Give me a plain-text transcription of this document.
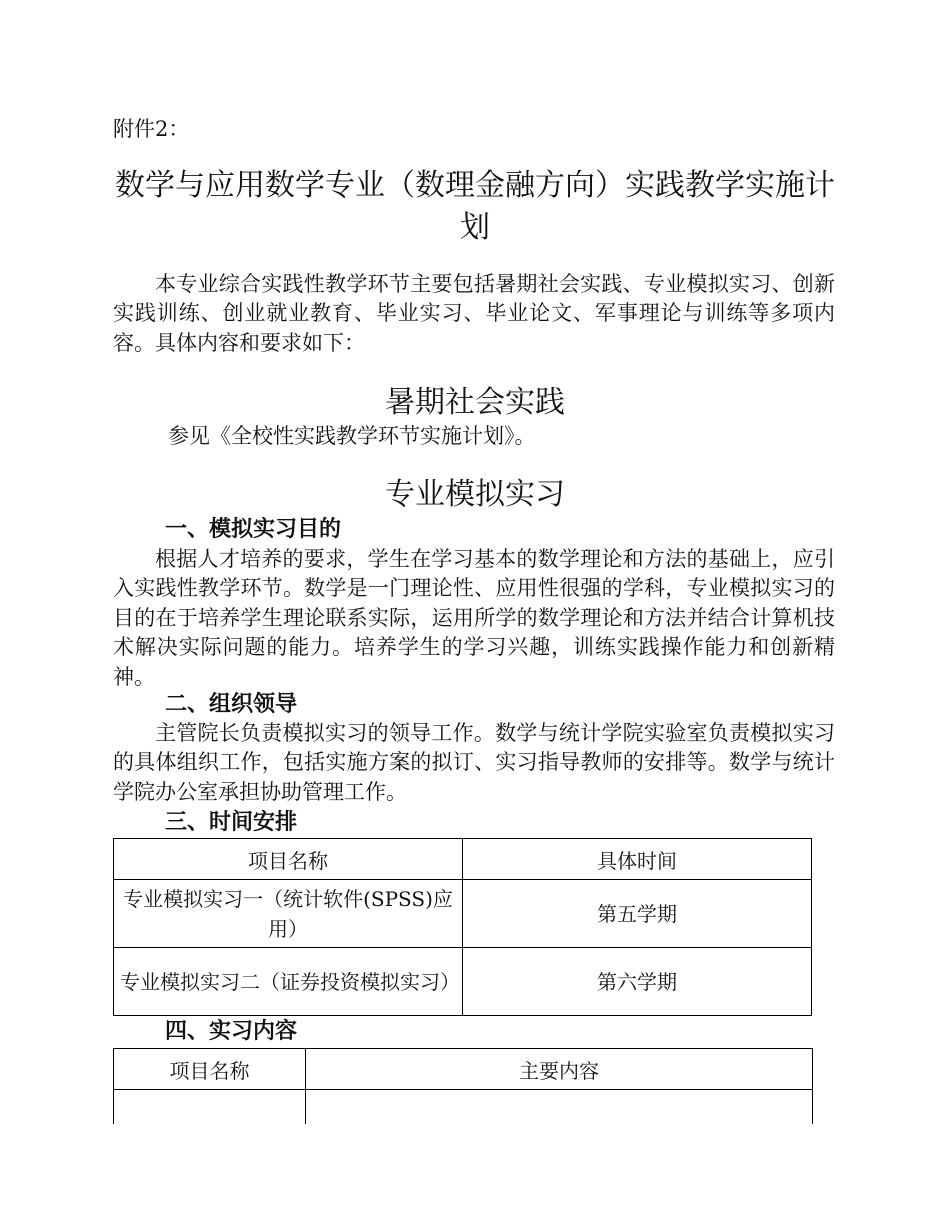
附件2：
数学与应用数学专业（数理金融方向）实践教学实施计划

本专业综合实践性教学环节主要包括暑期社会实践、专业模拟实习、创新实践训练、创业就业教育、毕业实习、毕业论文、军事理论与训练等多项内容。具体内容和要求如下：

暑期社会实践
参见《全校性实践教学环节实施计划》。
专业模拟实习
一、模拟实习目的

根据人才培养的要求，学生在学习基本的数学理论和方法的基础上，应引入实践性教学环节。数学是一门理论性、应用性很强的学科，专业模拟实习的目的在于培养学生理论联系实际，运用所学的数学理论和方法并结合计算机技术解决实际问题的能力。培养学生的学习兴趣，训练实践操作能力和创新精神。

二、组织领导

主管院长负责模拟实习的领导工作。数学与统计学院实验室负责模拟实习的具体组织工作，包括实施方案的拟订、实习指导教师的安排等。数学与统计学院办公室承担协助管理工作。

三、时间安排
项目名称	具体时间
专业模拟实习一（统计软件(SPSS)应用）	第五学期
专业模拟实习二（证券投资模拟实习）	第六学期
四、实习内容
项目名称	主要内容
